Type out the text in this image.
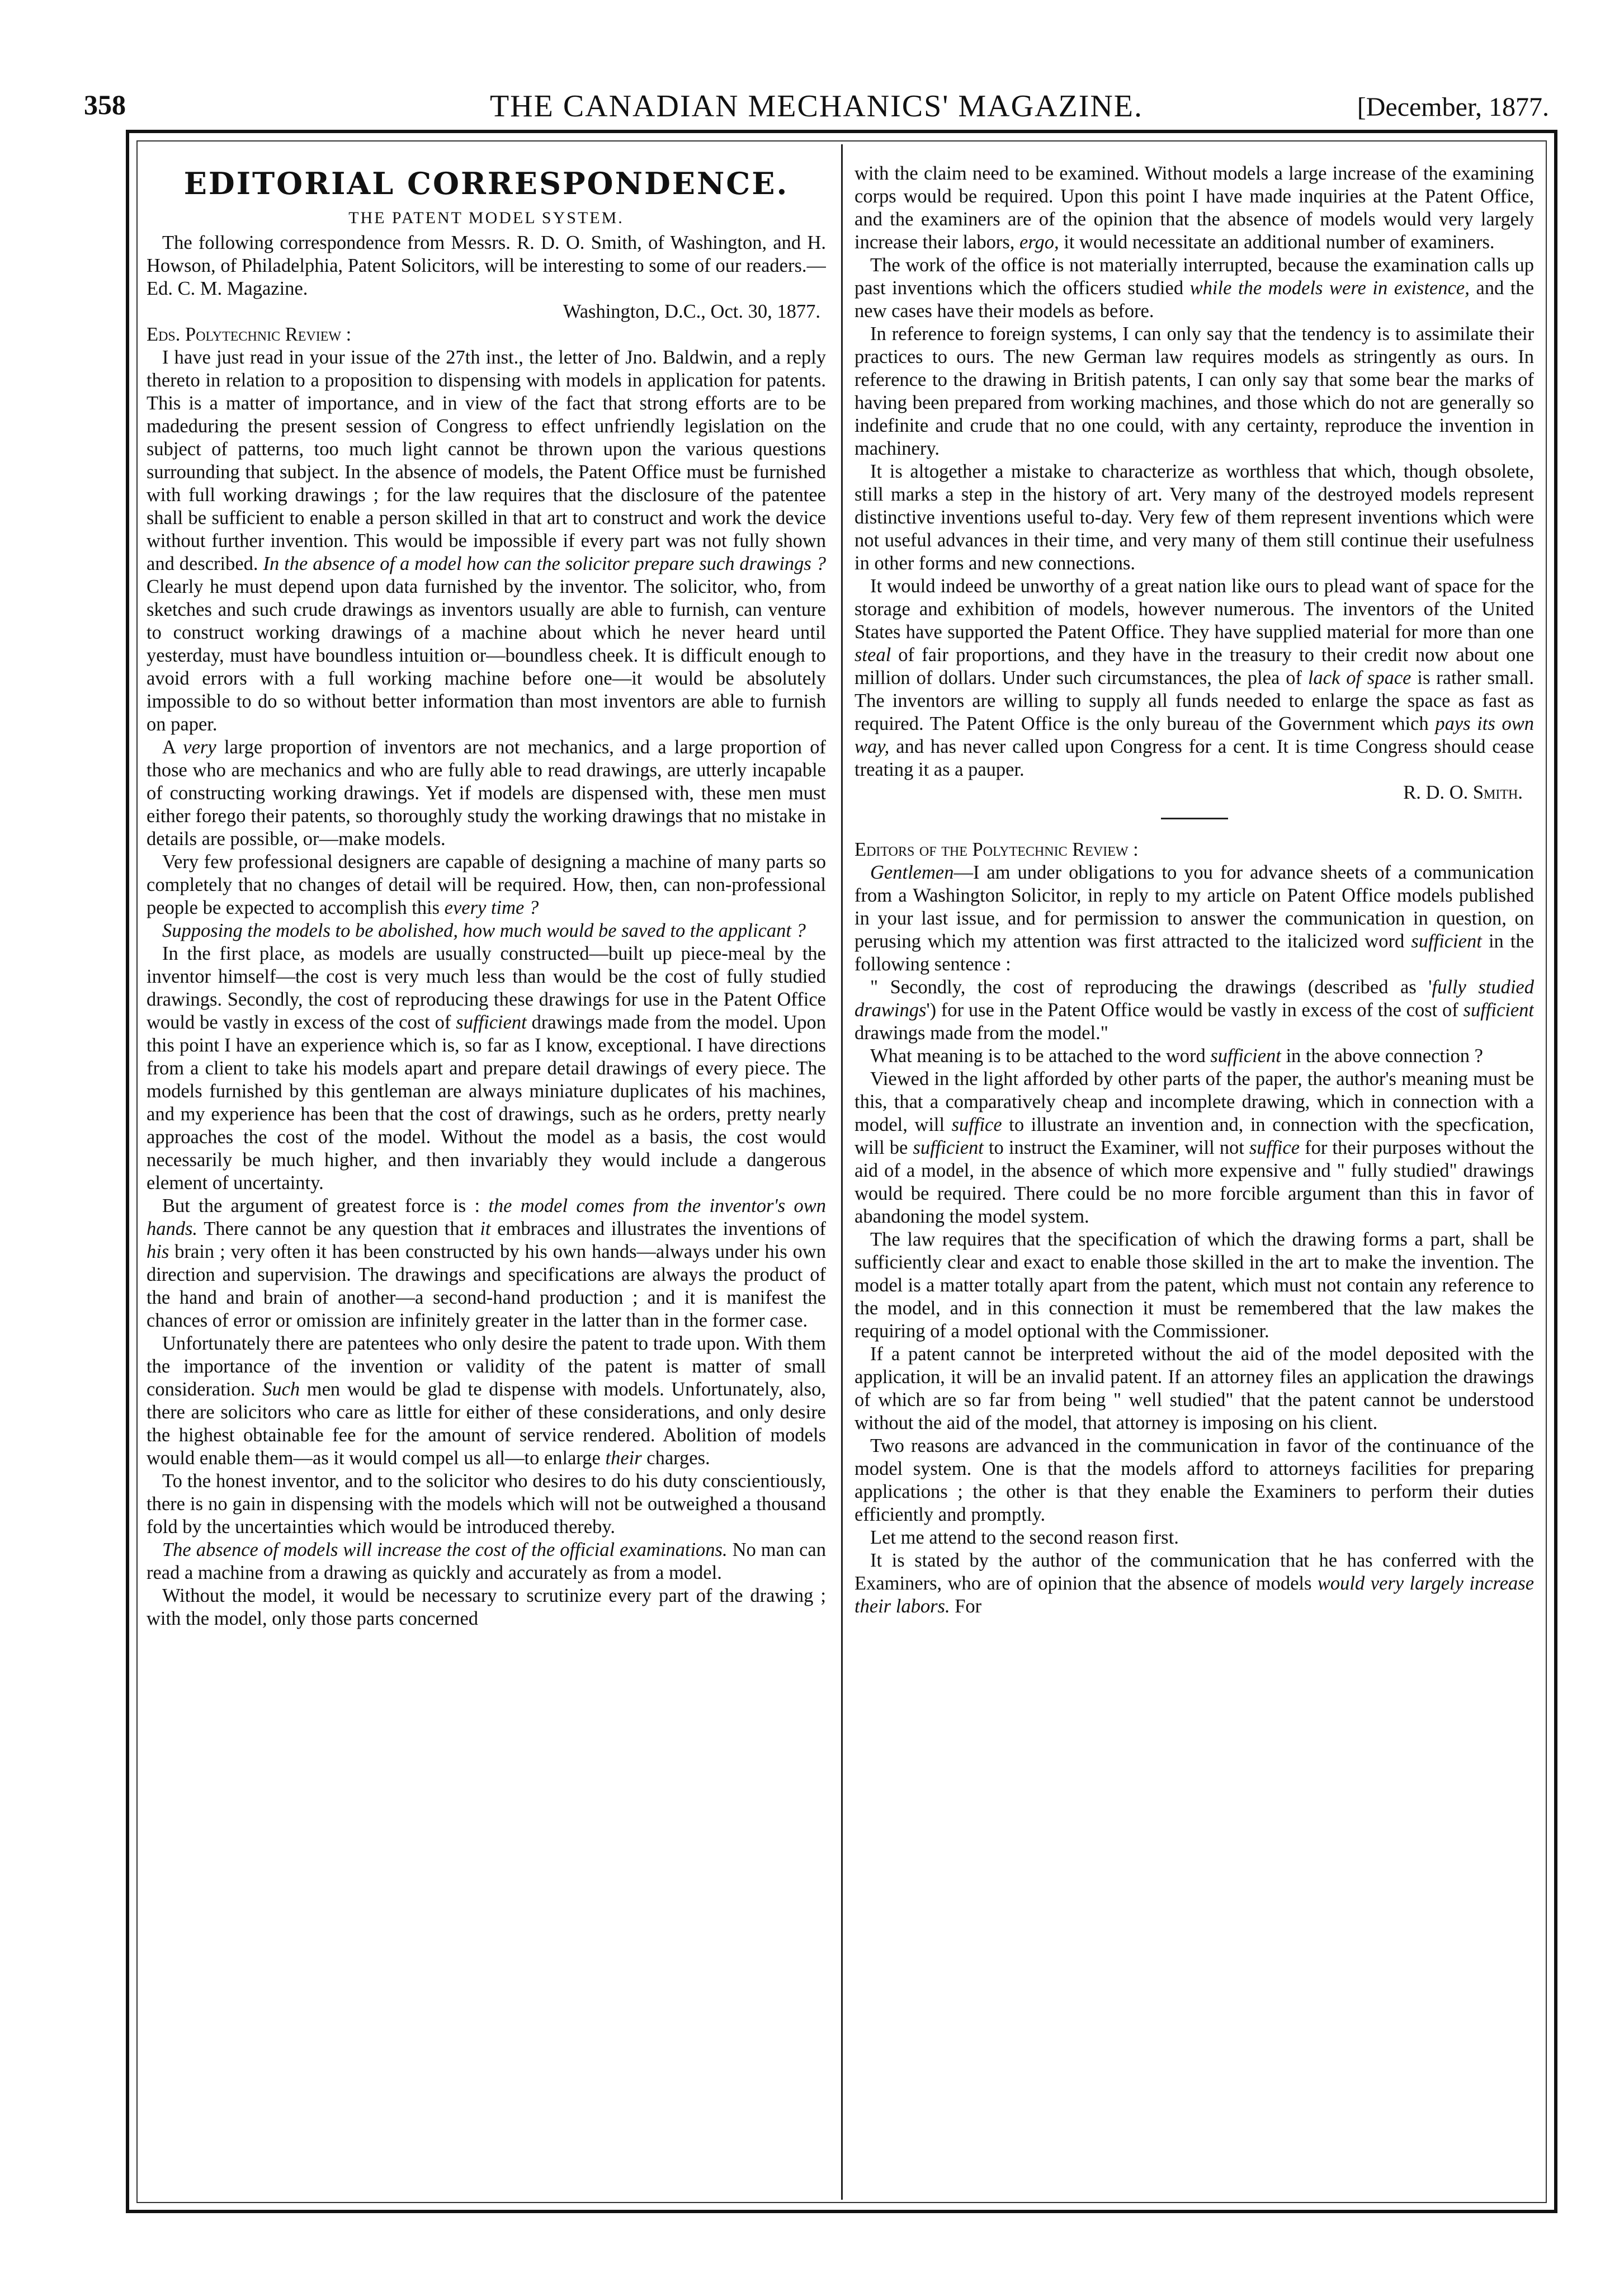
358	THE CANADIAN MECHANICS' MAGAZINE.	[December, 1877.

EDITORIAL CORRESPONDENCE.

THE PATENT MODEL SYSTEM.

The following correspondence from Messrs. R. D. O. Smith, of Washington, and H. Howson, of Philadelphia, Patent Solicitors, will be interesting to some of our readers.—Ed. C. M. Magazine.

Washington, D.C., Oct. 30, 1877.

Eds. Polytechnic Review :

I have just read in your issue of the 27th inst., the letter of Jno. Baldwin, and a reply thereto in relation to a proposition to dispensing with models in application for patents. This is a matter of importance, and in view of the fact that strong efforts are to be madeduring the present session of Congress to effect unfriendly legislation on the subject of patterns, too much light cannot be thrown upon the various questions surrounding that subject. In the absence of models, the Patent Office must be furnished with full working drawings ; for the law requires that the disclosure of the patentee shall be sufficient to enable a person skilled in that art to construct and work the device without further invention. This would be impossible if every part was not fully shown and described. In the absence of a model how can the solicitor prepare such drawings ? Clearly he must depend upon data furnished by the inventor. The solicitor, who, from sketches and such crude drawings as inventors usually are able to furnish, can venture to construct working drawings of a machine about which he never heard until yesterday, must have boundless intuition or—boundless cheek. It is difficult enough to avoid errors with a full working machine before one—it would be absolutely impossible to do so without better information than most inventors are able to furnish on paper.

A very large proportion of inventors are not mechanics, and a large proportion of those who are mechanics and who are fully able to read drawings, are utterly incapable of constructing working drawings. Yet if models are dispensed with, these men must either forego their patents, so thoroughly study the working drawings that no mistake in details are possible, or—make models.

Very few professional designers are capable of designing a machine of many parts so completely that no changes of detail will be required. How, then, can non-professional people be expected to accomplish this every time ?

Supposing the models to be abolished, how much would be saved to the applicant ?

In the first place, as models are usually constructed—built up piece-meal by the inventor himself—the cost is very much less than would be the cost of fully studied drawings. Secondly, the cost of reproducing these drawings for use in the Patent Office would be vastly in excess of the cost of sufficient drawings made from the model. Upon this point I have an experience which is, so far as I know, exceptional. I have directions from a client to take his models apart and prepare detail drawings of every piece. The models furnished by this gentleman are always miniature duplicates of his machines, and my experience has been that the cost of drawings, such as he orders, pretty nearly approaches the cost of the model. Without the model as a basis, the cost would necessarily be much higher, and then invariably they would include a dangerous element of uncertainty.

But the argument of greatest force is : the model comes from the inventor's own hands. There cannot be any question that it embraces and illustrates the inventions of his brain ; very often it has been constructed by his own hands—always under his own direction and supervision. The drawings and specifications are always the product of the hand and brain of another—a second-hand production ; and it is manifest the chances of error or omission are infinitely greater in the latter than in the former case.

Unfortunately there are patentees who only desire the patent to trade upon. With them the importance of the invention or validity of the patent is matter of small consideration. Such men would be glad te dispense with models. Unfortunately, also, there are solicitors who care as little for either of these considerations, and only desire the highest obtainable fee for the amount of service rendered. Abolition of models would enable them—as it would compel us all—to enlarge their charges.

To the honest inventor, and to the solicitor who desires to do his duty conscientiously, there is no gain in dispensing with the models which will not be outweighed a thousand fold by the uncertainties which would be introduced thereby.

The absence of models will increase the cost of the official examinations. No man can read a machine from a drawing as quickly and accurately as from a model.

Without the model, it would be necessary to scrutinize every part of the drawing ; with the model, only those parts concerned

with the claim need to be examined. Without models a large increase of the examining corps would be required. Upon this point I have made inquiries at the Patent Office, and the examiners are of the opinion that the absence of models would very largely increase their labors, ergo, it would necessitate an additional number of examiners.

The work of the office is not materially interrupted, because the examination calls up past inventions which the officers studied while the models were in existence, and the new cases have their models as before.

In reference to foreign systems, I can only say that the tendency is to assimilate their practices to ours. The new German law requires models as stringently as ours. In reference to the drawing in British patents, I can only say that some bear the marks of having been prepared from working machines, and those which do not are generally so indefinite and crude that no one could, with any certainty, reproduce the invention in machinery.

It is altogether a mistake to characterize as worthless that which, though obsolete, still marks a step in the history of art. Very many of the destroyed models represent distinctive inventions useful to-day. Very few of them represent inventions which were not useful advances in their time, and very many of them still continue their usefulness in other forms and new connections.

It would indeed be unworthy of a great nation like ours to plead want of space for the storage and exhibition of models, however numerous. The inventors of the United States have supported the Patent Office. They have supplied material for more than one steal of fair proportions, and they have in the treasury to their credit now about one million of dollars. Under such circumstances, the plea of lack of space is rather small. The inventors are willing to supply all funds needed to enlarge the space as fast as required. The Patent Office is the only bureau of the Government which pays its own way, and has never called upon Congress for a cent. It is time Congress should cease treating it as a pauper.

R. D. O. Smith.

Editors of the Polytechnic Review :

Gentlemen—I am under obligations to you for advance sheets of a communication from a Washington Solicitor, in reply to my article on Patent Office models published in your last issue, and for permission to answer the communication in question, on perusing which my attention was first attracted to the italicized word sufficient in the following sentence :

" Secondly, the cost of reproducing the drawings (described as 'fully studied drawings') for use in the Patent Office would be vastly in excess of the cost of sufficient drawings made from the model."

What meaning is to be attached to the word sufficient in the above connection ?

Viewed in the light afforded by other parts of the paper, the author's meaning must be this, that a comparatively cheap and incomplete drawing, which in connection with a model, will suffice to illustrate an invention and, in connection with the specfication, will be sufficient to instruct the Examiner, will not suffice for their purposes without the aid of a model, in the absence of which more expensive and " fully studied" drawings would be required. There could be no more forcible argument than this in favor of abandoning the model system.

The law requires that the specification of which the drawing forms a part, shall be sufficiently clear and exact to enable those skilled in the art to make the invention. The model is a matter totally apart from the patent, which must not contain any reference to the model, and in this connection it must be remembered that the law makes the requiring of a model optional with the Commissioner.

If a patent cannot be interpreted without the aid of the model deposited with the application, it will be an invalid patent. If an attorney files an application the drawings of which are so far from being " well studied" that the patent cannot be understood without the aid of the model, that attorney is imposing on his client.

Two reasons are advanced in the communication in favor of the continuance of the model system. One is that the models afford to attorneys facilities for preparing applications ; the other is that they enable the Examiners to perform their duties efficiently and promptly.

Let me attend to the second reason first.

It is stated by the author of the communication that he has conferred with the Examiners, who are of opinion that the absence of models would very largely increase their labors. For
